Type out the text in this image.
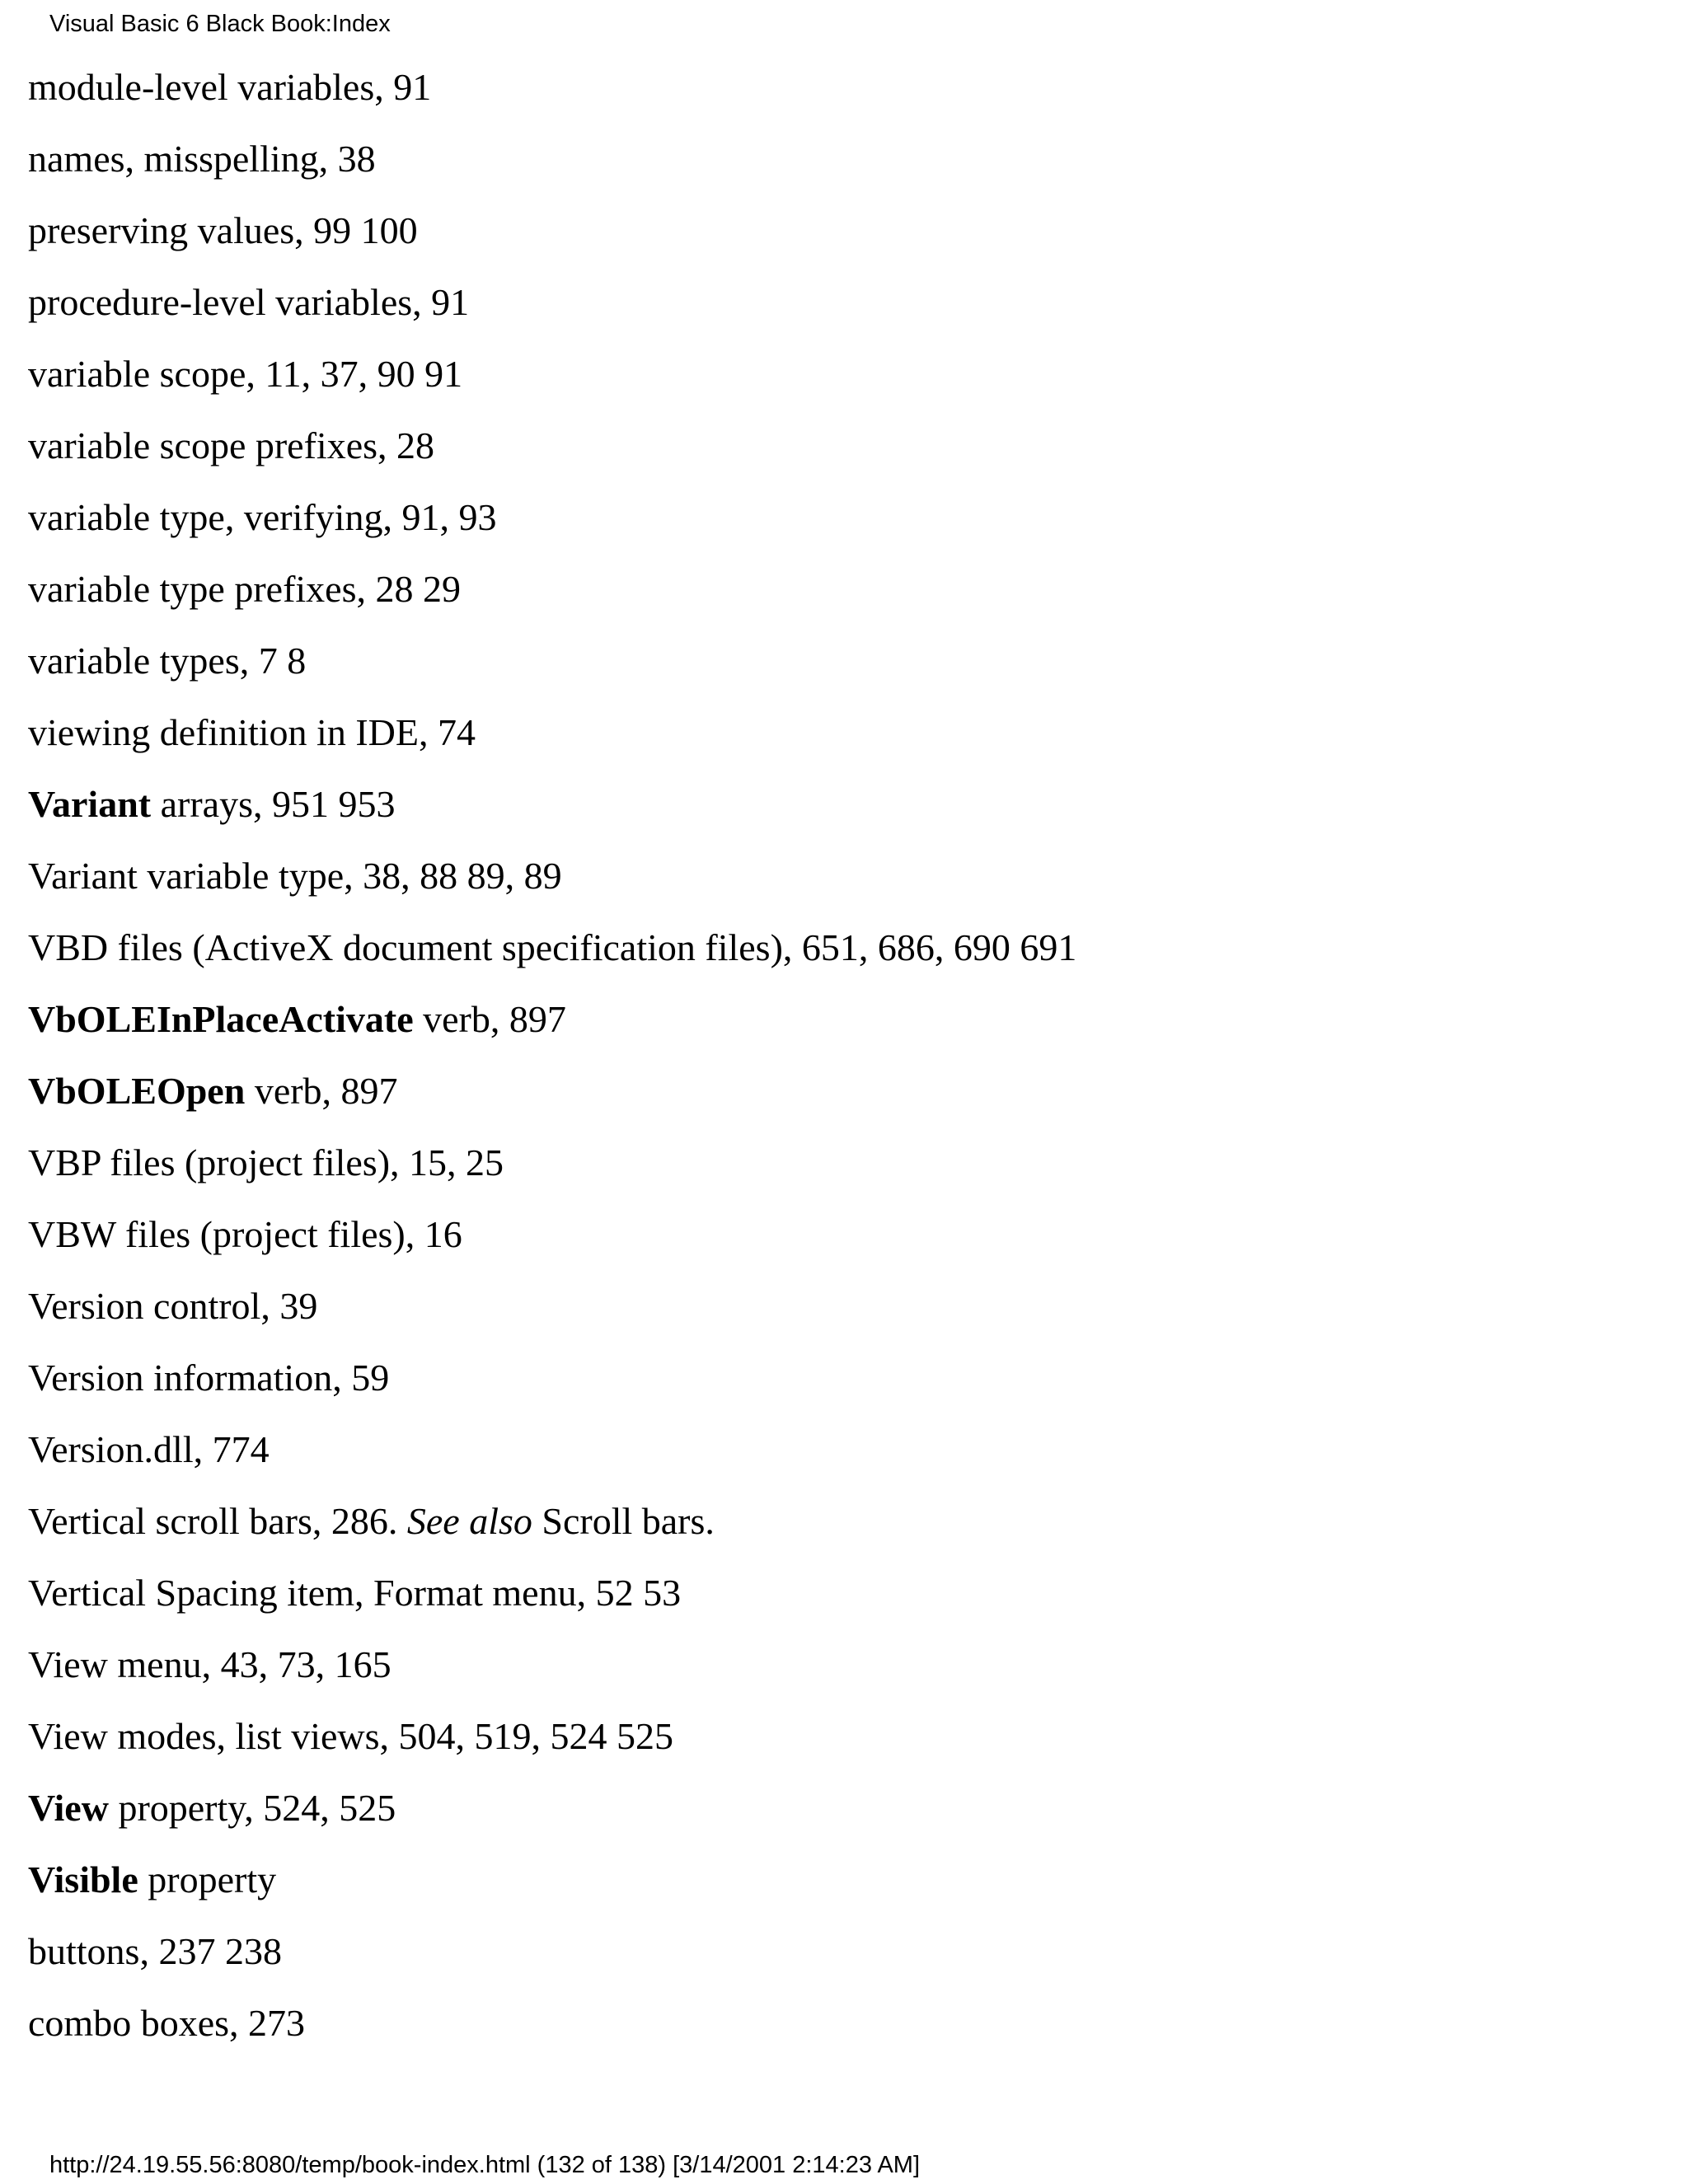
Visual Basic 6 Black Book:Index
module-level variables, 91
names, misspelling, 38
preserving values, 99 100
procedure-level variables, 91
variable scope, 11, 37, 90 91
variable scope prefixes, 28
variable type, verifying, 91, 93
variable type prefixes, 28 29
variable types, 7 8
viewing definition in IDE, 74
Variant arrays, 951 953
Variant variable type, 38, 88 89, 89
VBD files (ActiveX document specification files), 651, 686, 690 691
VbOLEInPlaceActivate verb, 897
VbOLEOpen verb, 897
VBP files (project files), 15, 25
VBW files (project files), 16
Version control, 39
Version information, 59
Version.dll, 774
Vertical scroll bars, 286. See also Scroll bars.
Vertical Spacing item, Format menu, 52 53
View menu, 43, 73, 165
View modes, list views, 504, 519, 524 525
View property, 524, 525
Visible property
buttons, 237 238
combo boxes, 273
http://24.19.55.56:8080/temp/book-index.html (132 of 138) [3/14/2001 2:14:23 AM]
